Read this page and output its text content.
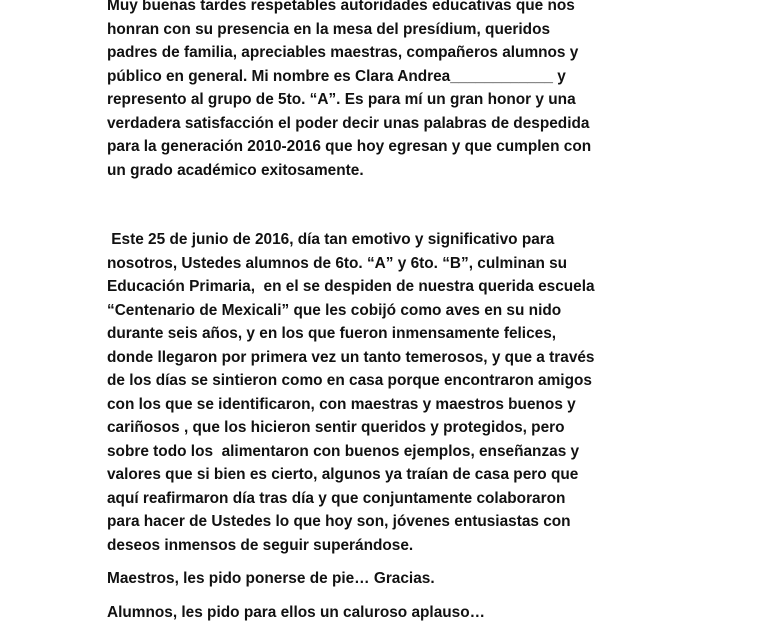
Muy buenas tardes respetables autoridades educativas que nos
honran con su presencia en la mesa del presídium, queridos
padres de familia, apreciables maestras, compañeros alumnos y
público en general. Mi nombre es Clara Andrea____________ y
represento al grupo de 5to. “A”. Es para mí un gran honor y una
verdadera satisfacción el poder decir unas palabras de despedida
para la generación 2010-2016 que hoy egresan y que cumplen con
un grado académico exitosamente.

Este 25 de junio de 2016, día tan emotivo y significativo para
nosotros, Ustedes alumnos de 6to. “A” y 6to. “B”, culminan su
Educación Primaria,  en el se despiden de nuestra querida escuela
“Centenario de Mexicali” que les cobijó como aves en su nido
durante seis años, y en los que fueron inmensamente felices,
donde llegaron por primera vez un tanto temerosos, y que a través
de los días se sintieron como en casa porque encontraron amigos
con los que se identificaron, con maestras y maestros buenos y
cariñosos , que los hicieron sentir queridos y protegidos, pero
sobre todo los  alimentaron con buenos ejemplos, enseñanzas y
valores que si bien es cierto, algunos ya traían de casa pero que
aquí reafirmaron día tras día y que conjuntamente colaboraron
para hacer de Ustedes lo que hoy son, jóvenes entusiastas con
deseos inmensos de seguir superándose.

Maestros, les pido ponerse de pie… Gracias.

Alumnos, les pido para ellos un caluroso aplauso…
